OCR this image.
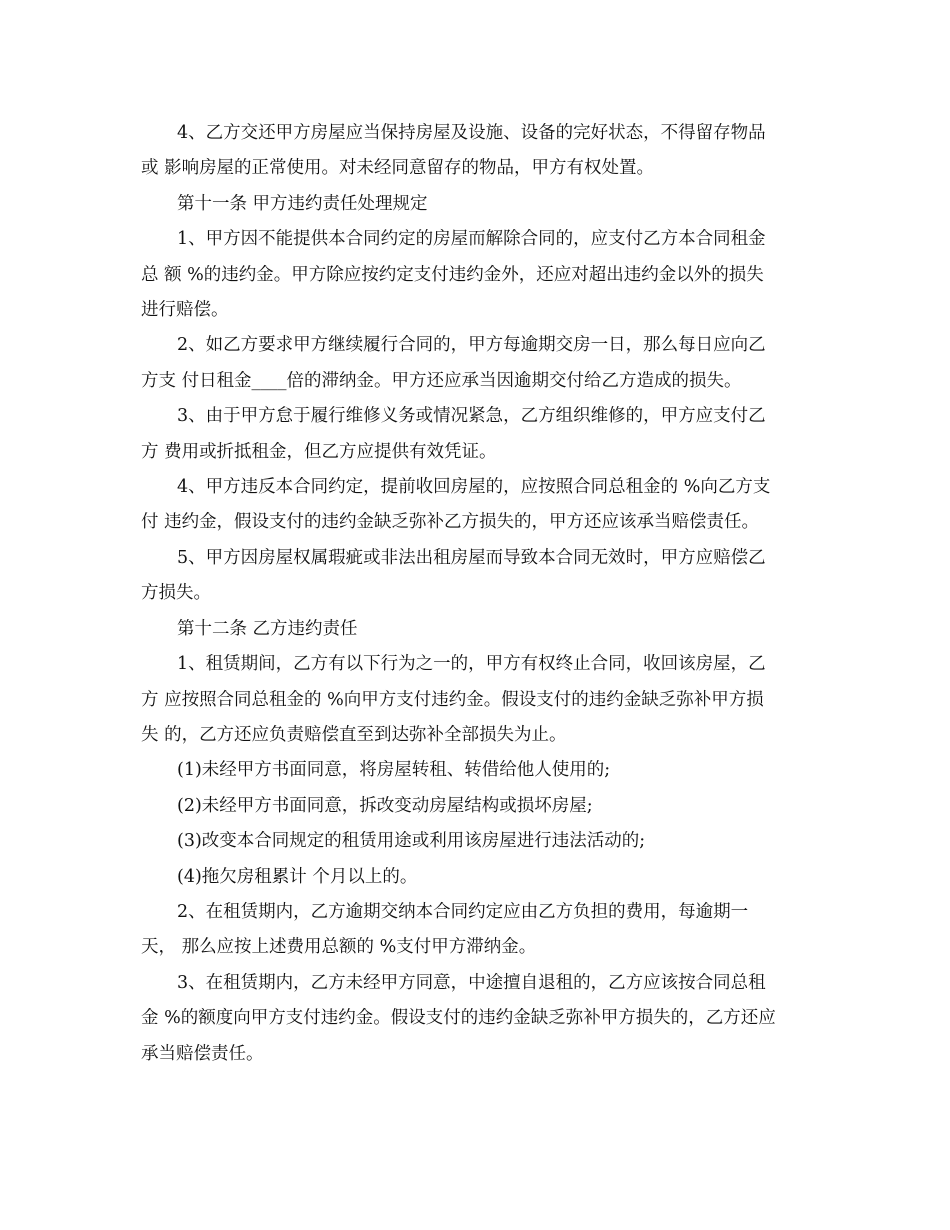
4、乙方交还甲方房屋应当保持房屋及设施、设备的完好状态，不得留存物品
或 影响房屋的正常使用。对未经同意留存的物品，甲方有权处置。
第十一条 甲方违约责任处理规定
1、甲方因不能提供本合同约定的房屋而解除合同的，应支付乙方本合同租金
总 额 %的违约金。甲方除应按约定支付违约金外，还应对超出违约金以外的损失
进行赔偿。
2、如乙方要求甲方继续履行合同的，甲方每逾期交房一日，那么每日应向乙
方支 付日租金____倍的滞纳金。甲方还应承当因逾期交付给乙方造成的损失。
3、由于甲方怠于履行维修义务或情况紧急，乙方组织维修的，甲方应支付乙
方 费用或折抵租金，但乙方应提供有效凭证。
4、甲方违反本合同约定，提前收回房屋的，应按照合同总租金的 %向乙方支
付 违约金，假设支付的违约金缺乏弥补乙方损失的，甲方还应该承当赔偿责任。
5、甲方因房屋权属瑕疵或非法出租房屋而导致本合同无效时，甲方应赔偿乙
方损失。
第十二条 乙方违约责任
1、租赁期间，乙方有以下行为之一的，甲方有权终止合同，收回该房屋，乙
方 应按照合同总租金的 %向甲方支付违约金。假设支付的违约金缺乏弥补甲方损
失 的，乙方还应负责赔偿直至到达弥补全部损失为止。
(1)未经甲方书面同意，将房屋转租、转借给他人使用的;
(2)未经甲方书面同意，拆改变动房屋结构或损坏房屋;
(3)改变本合同规定的租赁用途或利用该房屋进行违法活动的;
(4)拖欠房租累计 个月以上的。
2、在租赁期内，乙方逾期交纳本合同约定应由乙方负担的费用，每逾期一
天， 那么应按上述费用总额的 %支付甲方滞纳金。
3、在租赁期内，乙方未经甲方同意，中途擅自退租的，乙方应该按合同总租
金 %的额度向甲方支付违约金。假设支付的违约金缺乏弥补甲方损失的，乙方还应
承当赔偿责任。
